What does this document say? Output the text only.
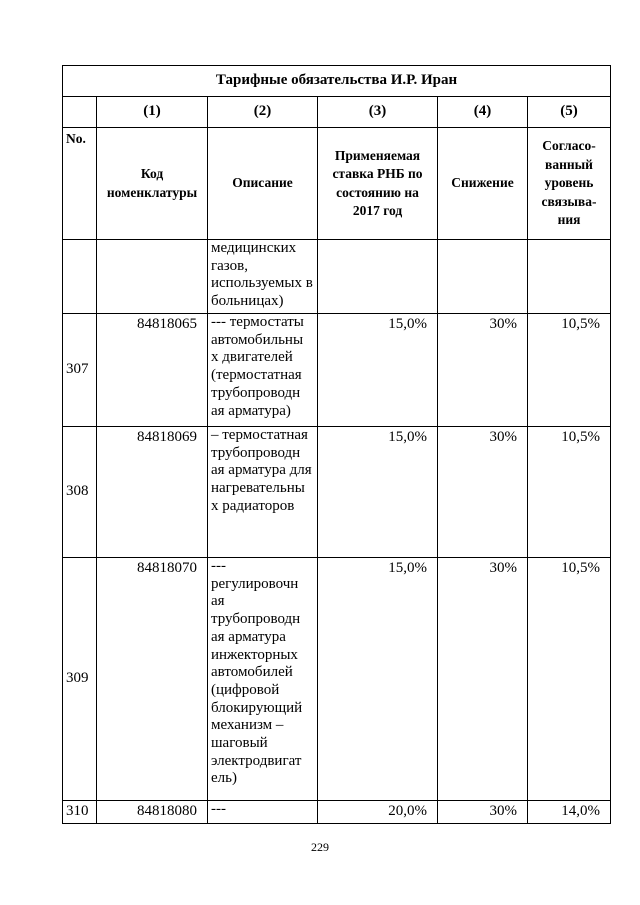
Тарифные обязательства И.Р. Иран					
	(1)	(2)	(3)	(4)	(5)
No.	Код номенклатуры	Описание	Применяемая ставка РНБ по состоянию на 2017 год	Снижение	Согласо-ванный уровень связыва-ния
		медицинских газов, используемых в больницах)			
307	84818065	--- термостаты автомобильны х двигателей (термостатная трубопроводн ая арматура)	15,0%	30%	10,5%
308	84818069	– термостатная трубопроводн ая арматура для нагревательны х радиаторов	15,0%	30%	10,5%
309	84818070	--- регулировочн ая трубопроводн ая арматура инжекторных автомобилей (цифровой блокирующий механизм – шаговый электродвигат ель)	15,0%	30%	10,5%
310	84818080	---	20,0%	30%	14,0%
229
